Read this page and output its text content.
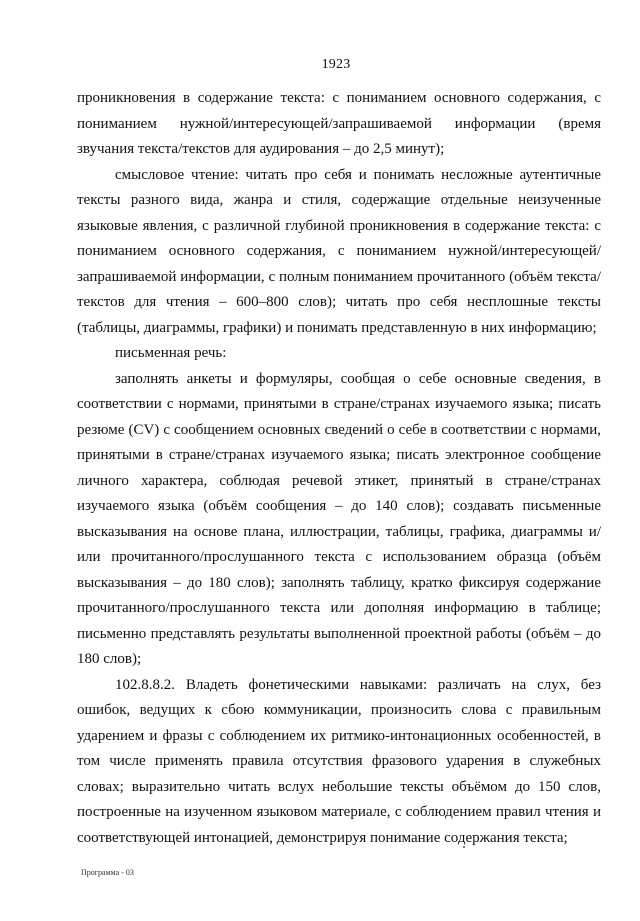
1923

проникновения в содержание текста: с пониманием основного содержания, с пониманием нужной/интересующей/запрашиваемой информации (время звучания текста/текстов для аудирования – до 2,5 минут);

смысловое чтение: читать про себя и понимать несложные аутентичные тексты разного вида, жанра и стиля, содержащие отдельные неизученные языковые явления, с различной глубиной проникновения в содержание текста: с пониманием основного содержания, с пониманием нужной/интересующей/запрашиваемой информации, с полным пониманием прочитанного (объём текста/текстов для чтения – 600–800 слов); читать про себя несплошные тексты (таблицы, диаграммы, графики) и понимать представленную в них информацию;

письменная речь:

заполнять анкеты и формуляры, сообщая о себе основные сведения, в соответствии с нормами, принятыми в стране/странах изучаемого языка; писать резюме (CV) с сообщением основных сведений о себе в соответствии с нормами, принятыми в стране/странах изучаемого языка; писать электронное сообщение личного характера, соблюдая речевой этикет, принятый в стране/странах изучаемого языка (объём сообщения – до 140 слов); создавать письменные высказывания на основе плана, иллюстрации, таблицы, графика, диаграммы и/или прочитанного/прослушанного текста с использованием образца (объём высказывания – до 180 слов); заполнять таблицу, кратко фиксируя содержание прочитанного/прослушанного текста или дополняя информацию в таблице; письменно представлять результаты выполненной проектной работы (объём – до 180 слов);

102.8.8.2. Владеть фонетическими навыками: различать на слух, без ошибок, ведущих к сбою коммуникации, произносить слова с правильным ударением и фразы с соблюдением их ритмико-интонационных особенностей, в том числе применять правила отсутствия фразового ударения в служебных словах; выразительно читать вслух небольшие тексты объёмом до 150 слов, построенные на изученном языковом материале, с соблюдением правил чтения и соответствующей интонацией, демонстрируя понимание содержания текста;

Программа - 03
